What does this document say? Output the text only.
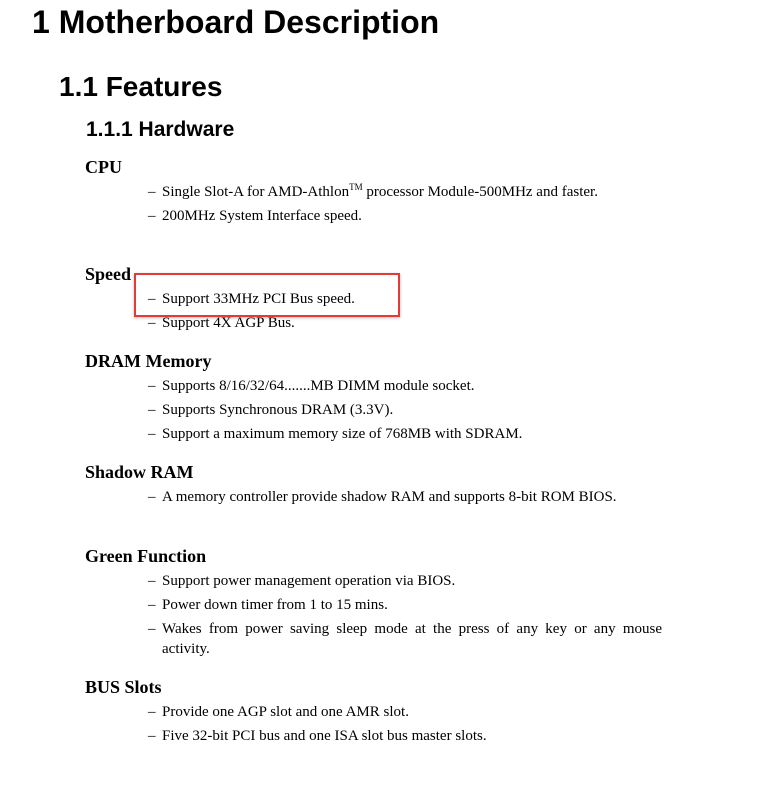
1 Motherboard Description
1.1 Features
1.1.1 Hardware

CPU

– Single Slot-A for AMD-Athlon™ processor Module-500MHz and faster.
– 200MHz System Interface speed.

Speed

– Support 33MHz PCI Bus speed.
– Support 4X AGP Bus.

DRAM Memory

– Supports 8/16/32/64.......MB DIMM module socket.
– Supports Synchronous DRAM (3.3V).
– Support a maximum memory size of 768MB with SDRAM.

Shadow RAM

– A memory controller provide shadow RAM and supports 8-bit ROM BIOS.

Green Function

– Support power management operation via BIOS.
– Power down timer from 1 to 15 mins.
– Wakes from power saving sleep mode at the press of any key or any mouse activity.

BUS Slots

– Provide one AGP slot and one AMR slot.
– Five 32-bit PCI bus and one ISA slot bus master slots.
